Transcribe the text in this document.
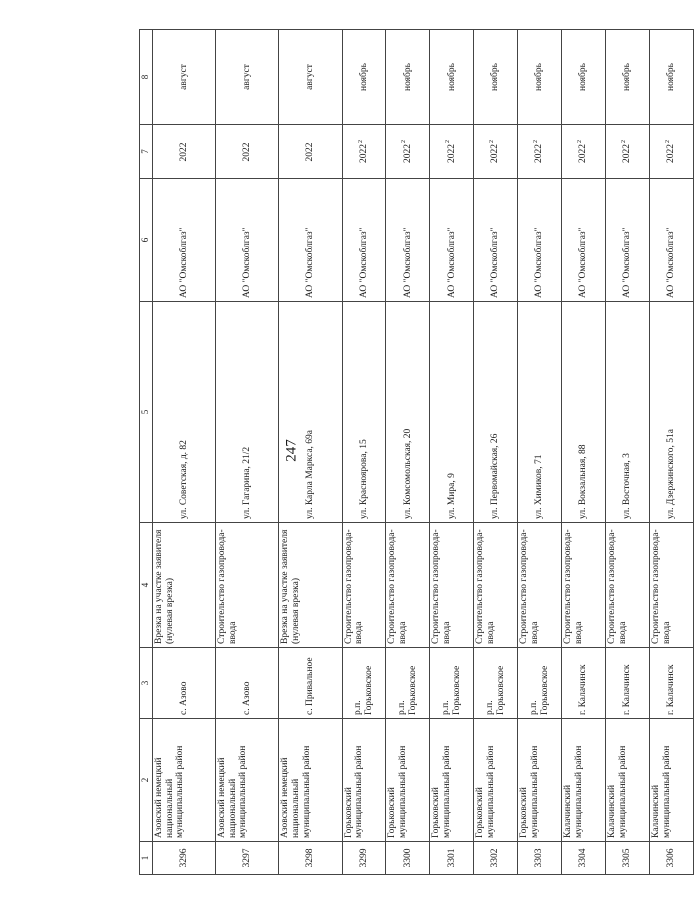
247
1	2	3	4	5	6	7	8
3296	Азовский немецкий национальный муниципальный район	с. Азово	Врезка на участке заявителя (нулевая врезка)	ул. Советская, д. 82	АО "Омскоблгаз"	2022	август
3297	Азовский немецкий национальный муниципальный район	с. Азово	Строительство газопровода-ввода	ул. Гагарина, 21/2	АО "Омскоблгаз"	2022	август
3298	Азовский немецкий национальный муниципальный район	с. Привальное	Врезка на участке заявителя (нулевая врезка)	ул. Карла Маркса, 69а	АО "Омскоблгаз"	2022	август
3299	Горьковский муниципальный район	р.п. Горьковское	Строительство газопровода-ввода	ул. Красноярова, 15	АО "Омскоблгаз"	2022$^2$	ноябрь
3300	Горьковский муниципальный район	р.п. Горьковское	Строительство газопровода-ввода	ул. Комсомольская, 20	АО "Омскоблгаз"	2022$^2$	ноябрь
3301	Горьковский муниципальный район	р.п. Горьковское	Строительство газопровода-ввода	ул. Мира, 9	АО "Омскоблгаз"	2022$^2$	ноябрь
3302	Горьковский муниципальный район	р.п. Горьковское	Строительство газопровода-ввода	ул. Первомайская, 26	АО "Омскоблгаз"	2022$^2$	ноябрь
3303	Горьковский муниципальный район	р.п. Горьковское	Строительство газопровода-ввода	ул. Химиков, 71	АО "Омскоблгаз"	2022$^2$	ноябрь
3304	Калачинский муниципальный район	г. Калачинск	Строительство газопровода-ввода	ул. Вокзальная, 88	АО "Омскоблгаз"	2022$^2$	ноябрь
3305	Калачинский муниципальный район	г. Калачинск	Строительство газопровода-ввода	ул. Восточная, 3	АО "Омскоблгаз"	2022$^2$	ноябрь
3306	Калачинский муниципальный район	г. Калачинск	Строительство газопровода-ввода	ул. Дзержинского, 51а	АО "Омскоблгаз"	2022$^2$	ноябрь
